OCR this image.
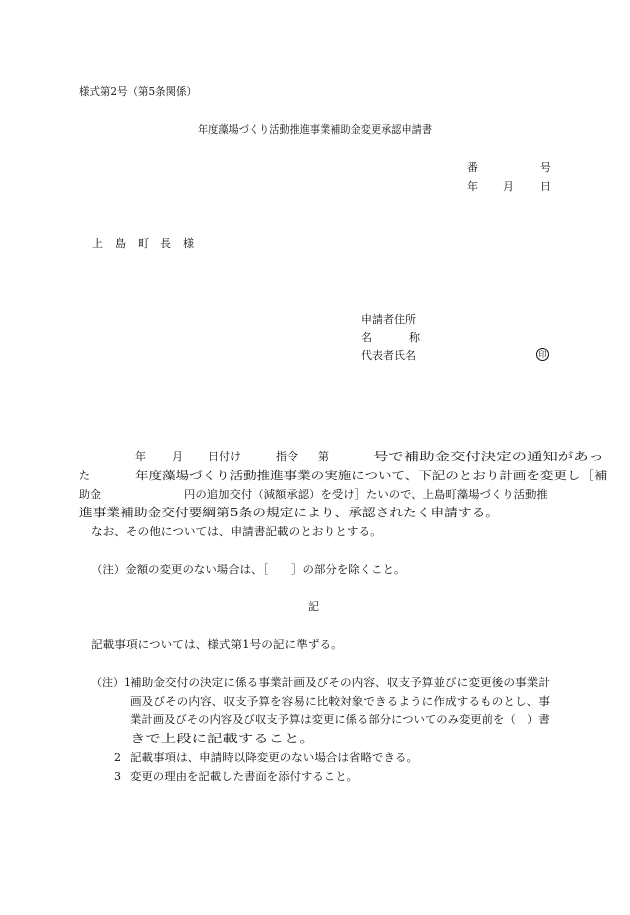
様式第2号（第5条関係）
年度藻場づくり活動推進事業補助金変更承認申請書
番	号
年 月 日
上 島 町 長 様
申請者住所
名	称
代表者氏名	印
年 月 日付け	指令 第	号で補助金交付決定の通知があっ
た	年度藻場づくり活動推進事業の実施について、下記のとおり計画を変更し［補
助金	円の追加交付（減額承認）を受け］たいので、上島町藻場づくり活動推
進事業補助金交付要綱第5条の規定により、承認されたく申請する。
なお、その他については、申請書記載のとおりとする。
（注）金額の変更のない場合は、［　　］の部分を除くこと。
記
記載事項については、様式第1号の記に準ずる。
（注）1 補助金交付の決定に係る事業計画及びその内容、収支予算並びに変更後の事業計
画及びその内容、収支予算を容易に比較対象できるように作成するものとし、事
業計画及びその内容及び収支予算は変更に係る部分についてのみ変更前を（　）書
きで上段に記載すること。
2 記載事項は、申請時以降変更のない場合は省略できる。
3 変更の理由を記載した書面を添付すること。
